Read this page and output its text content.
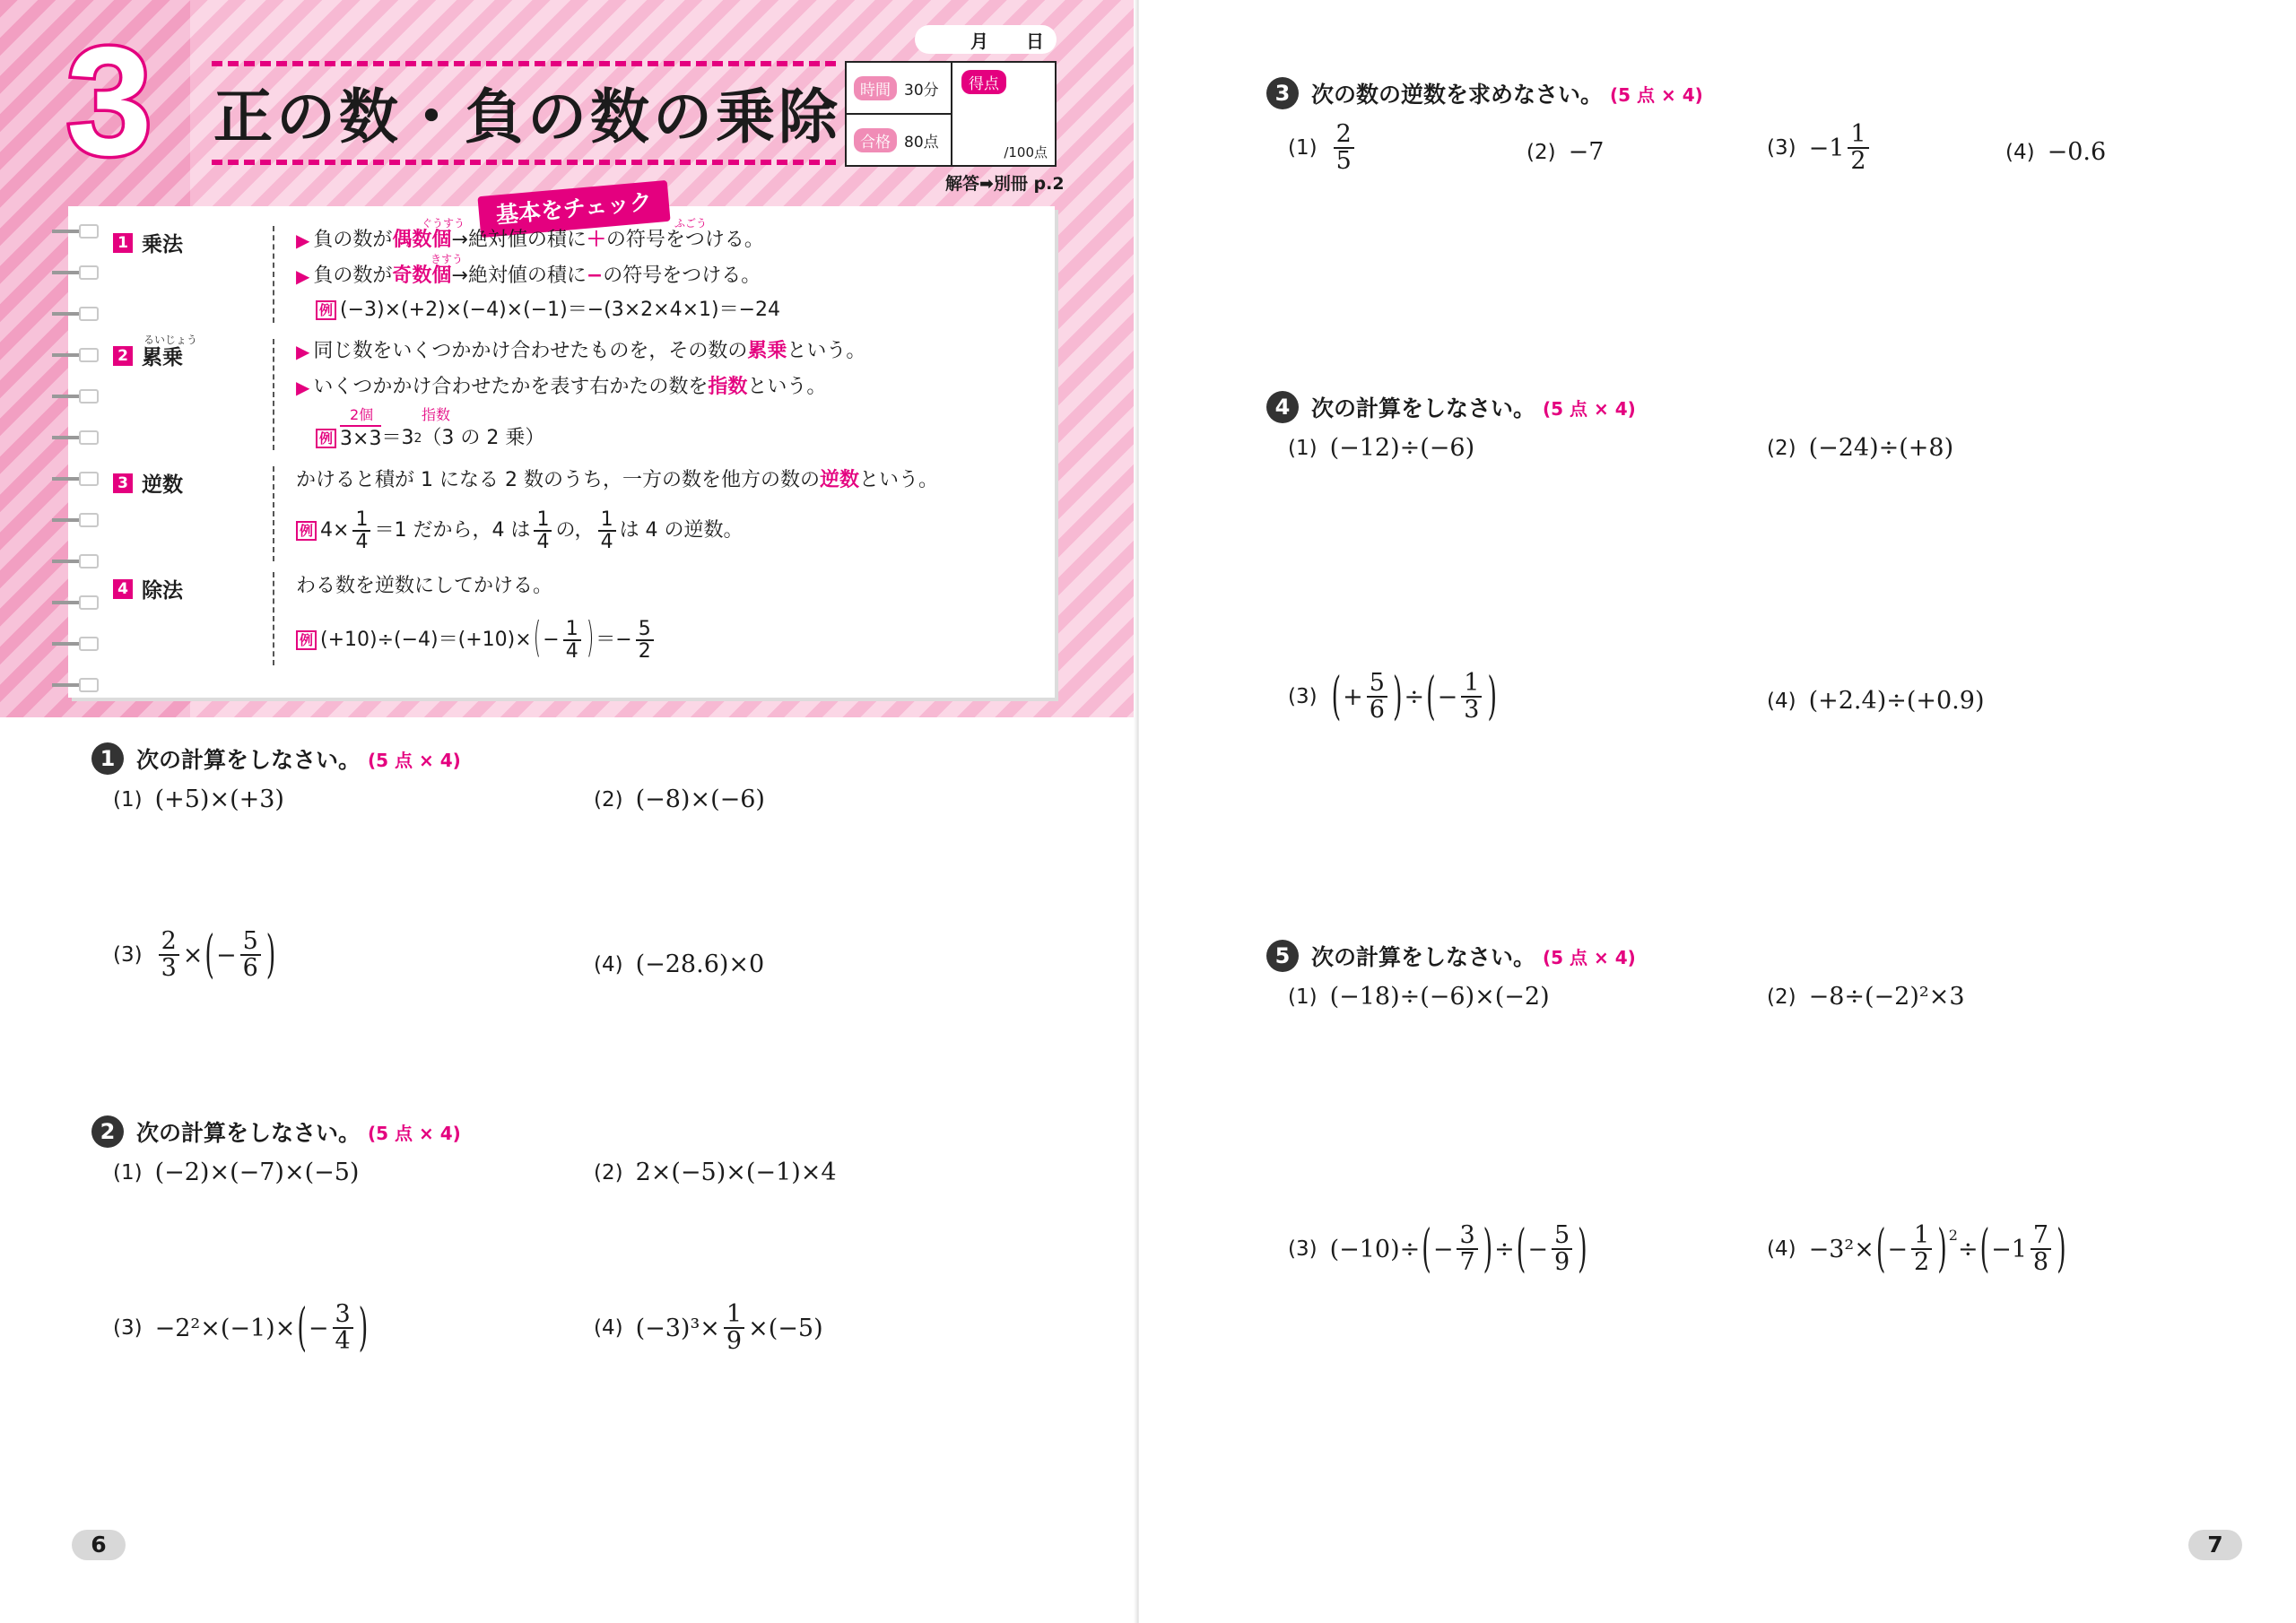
3 正の数・負の数の乗除
月 日
時間 30分
合格 80点
得点
/100点
解答➡別冊 p.2
基本をチェック
1 乗法
ぐうすう	ふごう
▶ 負の数が 偶数個 →絶対値の積に ＋ の符号をつける。
きすう
▶ 負の数が 奇数個 →絶対値の積に − の符号をつける。
例 (−3)×(+2)×(−4)×(−1)＝−(3×2×4×1)＝−24
るいじょう
2 累乗	▶ 同じ数をいくつかかけ合わせたものを，その数の 累乗 という。
▶ いくつかかけ合わせたかを表す右かたの数を 指数 という。
2個	指数
例 3×3 ＝3 2 （3 の 2 乗）
3 逆数	かけると積が 1 になる 2 数のうち，一方の数を他方の数の 逆数 という。
例 $4\times \frac{1}{4} =1$ だから，4 は 1
4
の， 1
4
は 4 の逆数。
4 除法	わる数を逆数にしてかける。
例 (+10)÷(−4)＝(+10)× ( − $\frac{1}{4}$ ) ＝− $\frac{5}{2}$
1 次の計算をしなさい。 (5 点 × 4)
(1) (+5)×(+3)	(2) (−8)×(−6)
$(3) \frac{2}{3}$ × ( − $\frac{5}{6}$ )	(4) (−28.6)×0
2 次の計算をしなさい。 (5 点 × 4)
(1) (−2)×(−7)×(−5)	(2) 2×(−5)×(−1)×4
(3) −2²×(−1)× ( − $\frac{3}{4}$ )	(4) $(-3)^3\times \frac{1}{9} \times(-5)$
6
3 次の数の逆数を求めなさい。 (5 点 × 4)
(1)
2
5	(2) −7	(3) −1
1
2	(4) −0.6
4 次の計算をしなさい。 (5 点 × 4)
(1) (−12)÷(−6)	(2) (−24)÷(+8)
(3) ( + $\frac{5}{6}$ ) ÷ ( − $\frac{1}{3}$ )	(4) (+2.4)÷(+0.9)
5 次の計算をしなさい。 (5 点 × 4)
(1) (−18)÷(−6)×(−2)	(2) −8÷(−2)²×3
(3) (−10)÷ ( − $\frac{3}{7}$ ) ÷ ( − $\frac{5}{9}$ )	(4) −3²× ( − $\frac{1}{2} )^2$
÷ ( −1
7
8 )
7
